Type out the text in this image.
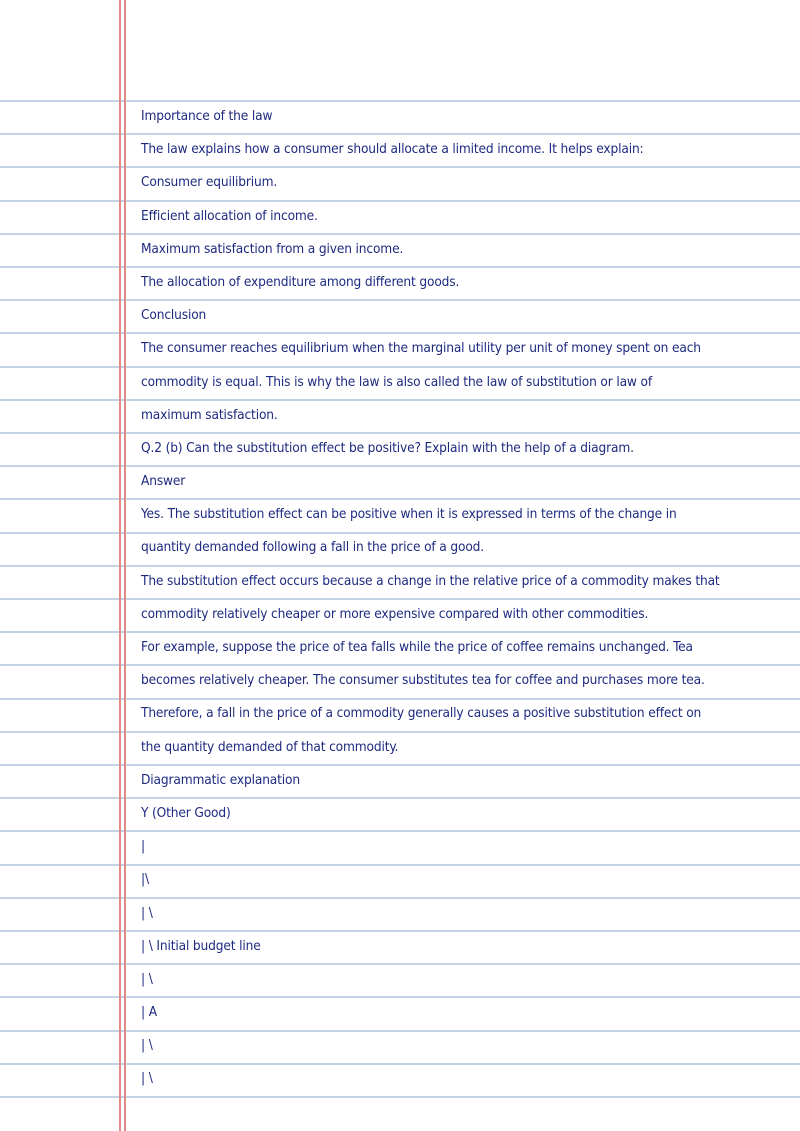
Importance of the law
The law explains how a consumer should allocate a limited income. It helps explain:
Consumer equilibrium.
Efficient allocation of income.
Maximum satisfaction from a given income.
The allocation of expenditure among different goods.
Conclusion
The consumer reaches equilibrium when the marginal utility per unit of money spent on each
commodity is equal. This is why the law is also called the law of substitution or law of
maximum satisfaction.
Q.2 (b) Can the substitution effect be positive? Explain with the help of a diagram.
Answer
Yes. The substitution effect can be positive when it is expressed in terms of the change in
quantity demanded following a fall in the price of a good.
The substitution effect occurs because a change in the relative price of a commodity makes that
commodity relatively cheaper or more expensive compared with other commodities.
For example, suppose the price of tea falls while the price of coffee remains unchanged. Tea
becomes relatively cheaper. The consumer substitutes tea for coffee and purchases more tea.
Therefore, a fall in the price of a commodity generally causes a positive substitution effect on
the quantity demanded of that commodity.
Diagrammatic explanation
Y (Other Good)
|
|\
| \
| \ Initial budget line
| \
| A
| \
| \
